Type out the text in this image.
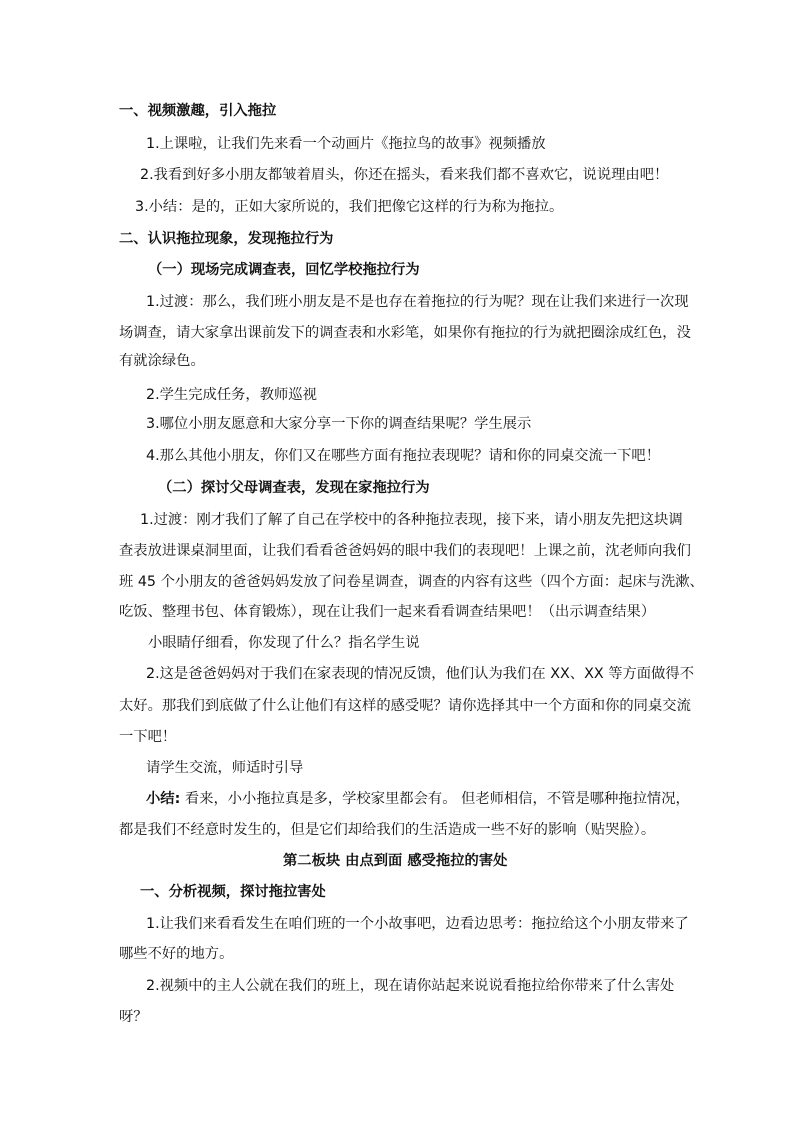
一、视频激趣，引入拖拉
1.上课啦，让我们先来看一个动画片《拖拉鸟的故事》视频播放
2.我看到好多小朋友都皱着眉头，你还在摇头，看来我们都不喜欢它，说说理由吧！
3.小结：是的，正如大家所说的，我们把像它这样的行为称为拖拉。
二、认识拖拉现象，发现拖拉行为
（一）现场完成调查表，回忆学校拖拉行为
1.过渡：那么，我们班小朋友是不是也存在着拖拉的行为呢？现在让我们来进行一次现
场调查，请大家拿出课前发下的调查表和水彩笔，如果你有拖拉的行为就把圈涂成红色，没
有就涂绿色。
2.学生完成任务，教师巡视
3.哪位小朋友愿意和大家分享一下你的调查结果呢？学生展示
4.那么其他小朋友，你们又在哪些方面有拖拉表现呢？请和你的同桌交流一下吧！
（二）探讨父母调查表，发现在家拖拉行为
1.过渡：刚才我们了解了自己在学校中的各种拖拉表现，接下来，请小朋友先把这块调
查表放进课桌洞里面，让我们看看爸爸妈妈的眼中我们的表现吧！上课之前，沈老师向我们
班 45 个小朋友的爸爸妈妈发放了问卷星调查，调查的内容有这些（四个方面：起床与洗漱、
吃饭、整理书包、体育锻炼），现在让我们一起来看看调查结果吧！（出示调查结果）
小眼睛仔细看，你发现了什么？指名学生说
2.这是爸爸妈妈对于我们在家表现的情况反馈，他们认为我们在 XX、XX 等方面做得不
太好。那我们到底做了什么让他们有这样的感受呢？请你选择其中一个方面和你的同桌交流
一下吧！
请学生交流，师适时引导
小结: 看来，小小拖拉真是多，学校家里都会有。 但老师相信，不管是哪种拖拉情况，
都是我们不经意时发生的，但是它们却给我们的生活造成一些不好的影响（贴哭脸）。
第二板块 由点到面 感受拖拉的害处
一、分析视频，探讨拖拉害处
1.让我们来看看发生在咱们班的一个小故事吧，边看边思考：拖拉给这个小朋友带来了
哪些不好的地方。
2.视频中的主人公就在我们的班上，现在请你站起来说说看拖拉给你带来了什么害处
呀？
